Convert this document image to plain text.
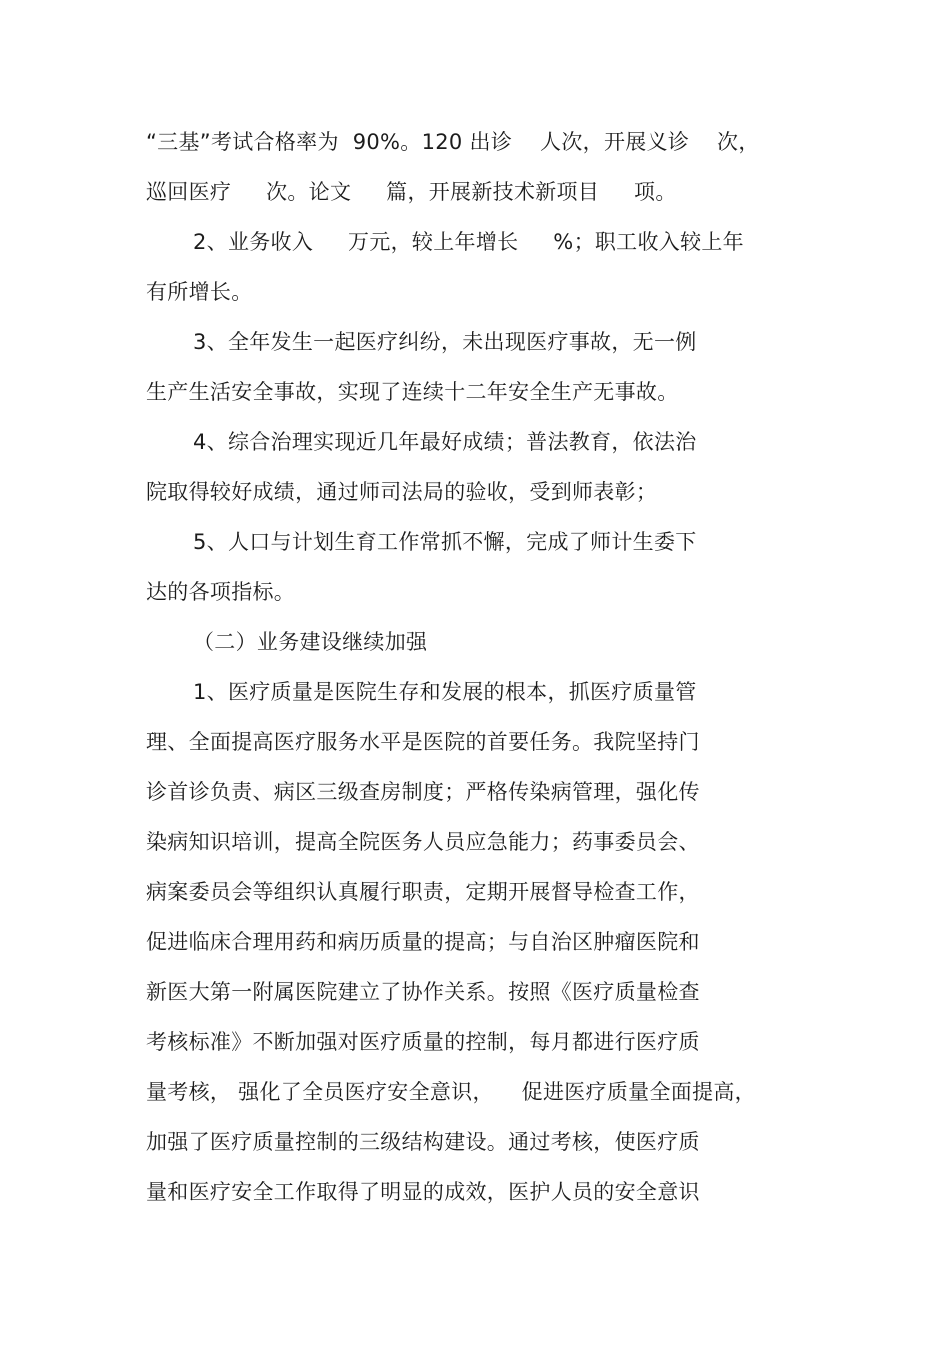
“三基”考试合格率为  90%。120 出诊    人次，开展义诊    次，

巡回医疗     次。论文     篇，开展新技术新项目     项。

2、业务收入     万元，较上年增长     %；职工收入较上年

有所增长。

3、全年发生一起医疗纠纷，未出现医疗事故，无一例

生产生活安全事故，实现了连续十二年安全生产无事故。

4、综合治理实现近几年最好成绩；普法教育，依法治

院取得较好成绩，通过师司法局的验收，受到师表彰；

5、人口与计划生育工作常抓不懈，完成了师计生委下

达的各项指标。

（二）业务建设继续加强

1、医疗质量是医院生存和发展的根本，抓医疗质量管

理、全面提高医疗服务水平是医院的首要任务。我院坚持门

诊首诊负责、病区三级查房制度；严格传染病管理，强化传

染病知识培训，提高全院医务人员应急能力；药事委员会、

病案委员会等组织认真履行职责，定期开展督导检查工作，

促进临床合理用药和病历质量的提高；与自治区肿瘤医院和

新医大第一附属医院建立了协作关系。按照《医疗质量检查

考核标准》不断加强对医疗质量的控制，每月都进行医疗质

量考核， 强化了全员医疗安全意识，    促进医疗质量全面提高，

加强了医疗质量控制的三级结构建设。通过考核，使医疗质

量和医疗安全工作取得了明显的成效，医护人员的安全意识
